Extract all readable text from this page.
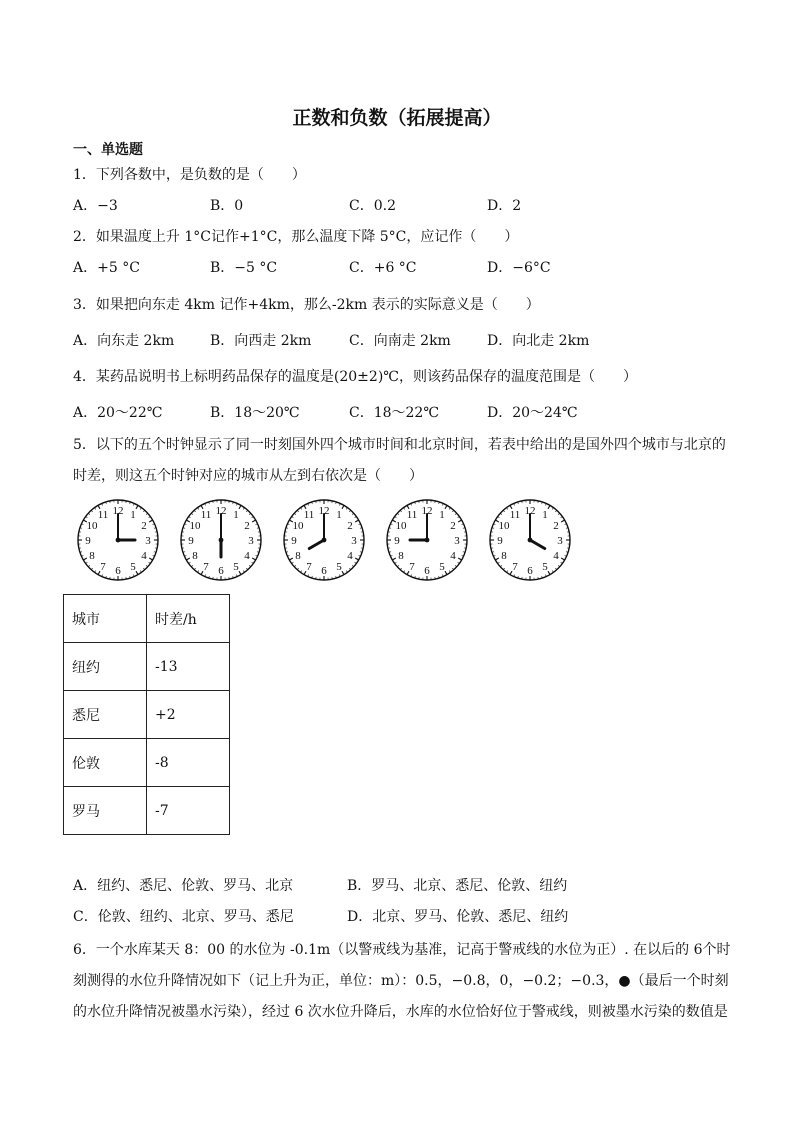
正数和负数（拓展提高）
一、单选题
1．下列各数中，是负数的是（　　）
A．−3	B．0	C．0.2	D．2
2．如果温度上升 1°C记作+1°C，那么温度下降 5°C，应记作（　　）
A．+5 °C	B．−5 °C	C．+6 °C	D．−6°C
3．如果把向东走 4km 记作+4km，那么-2km 表示的实际意义是（　　）
A．向东走 2km	B．向西走 2km	C．向南走 2km	D．向北走 2km
4．某药品说明书上标明药品保存的温度是(20±2)℃，则该药品保存的温度范围是（　　）
A．20～22℃	B．18～20℃	C．18～22℃	D．20～24℃
5．以下的五个时钟显示了同一时刻国外四个城市时间和北京时间，若表中给出的是国外四个城市与北京的
时差，则这五个时钟对应的城市从左到右依次是（　　）
12 1
2
3
4
5
6
7
8
9
10
11	12 1
2
3
4
5
6
7
8
9
10
11	12 1
2
3
4
5
6
7
8
9
10
11	12 1
2
3
4
5
6
7
8
9
10
11	12 1
2
3
4
5
6
7
8
9
10
11
城市	时差/h
纽约	-13
悉尼	+2
伦敦	-8
罗马	-7
A．纽约、悉尼、伦敦、罗马、北京	B．罗马、北京、悉尼、伦敦、纽约
C．伦敦、纽约、北京、罗马、悉尼	D．北京、罗马、伦敦、悉尼、纽约
6．一个水库某天 8：00 的水位为 -0.1m（以警戒线为基准，记高于警戒线的水位为正）. 在以后的 6个时
刻测得的水位升降情况如下（记上升为正，单位：m）：0.5，−0.8，0，−0.2；−0.3，●（最后一个时刻
的水位升降情况被墨水污染），经过 6 次水位升降后，水库的水位恰好位于警戒线，则被墨水污染的数值是
